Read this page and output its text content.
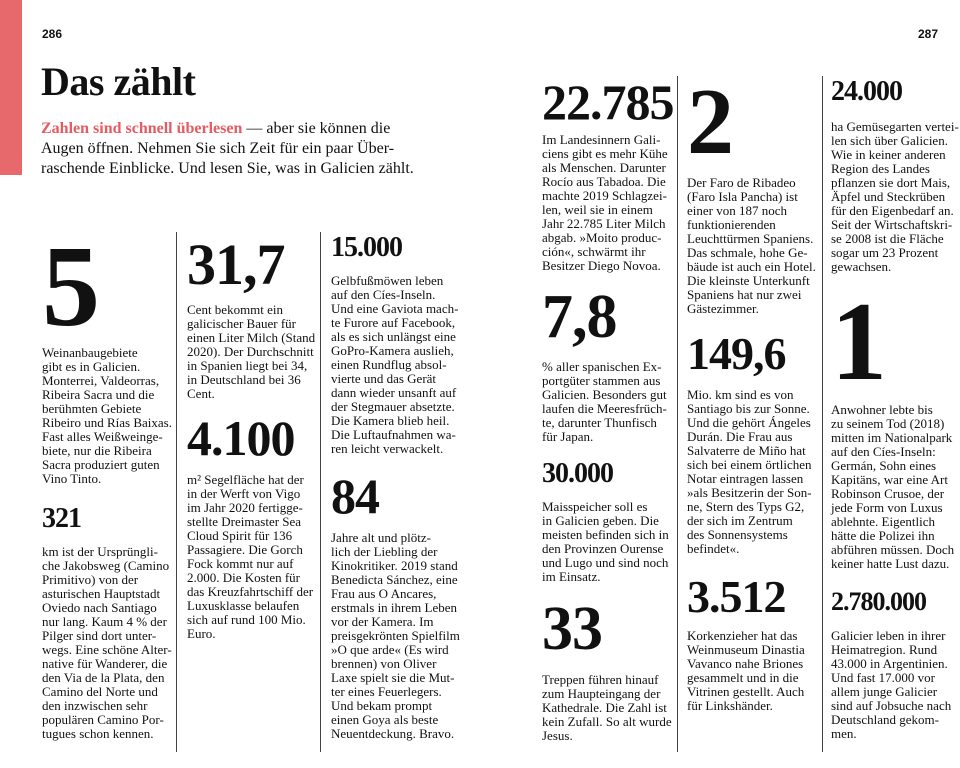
286	287
Das zählt
Zahlen sind schnell überlesen — aber sie können die
Augen öffnen. Nehmen Sie sich Zeit für ein paar Über-
raschende Einblicke. Und lesen Sie, was in Galicien zählt.
5
Weinanbaugebiete
gibt es in Galicien.
Monterrei, Valdeorras,
Ribeira Sacra und die
berühmten Gebiete
Ribeiro und Rías Baixas.
Fast alles Weißweinge-
biete, nur die Ribeira
Sacra produziert guten
Vino Tinto.
321
km ist der Ursprüngli-
che Jakobsweg (Camino
Primitivo) von der
asturischen Hauptstadt
Oviedo nach Santiago
nur lang. Kaum 4 % der
Pilger sind dort unter-
wegs. Eine schöne Alter-
native für Wanderer, die
den Via de la Plata, den
Camino del Norte und
den inzwischen sehr
populären Camino Por-
tugues schon kennen.
31,7
Cent bekommt ein
galicischer Bauer für
einen Liter Milch (Stand
2020). Der Durchschnitt
in Spanien liegt bei 34,
in Deutschland bei 36
Cent.
4.100
m² Segelfläche hat der
in der Werft von Vigo
im Jahr 2020 fertigge-
stellte Dreimaster Sea
Cloud Spirit für 136
Passagiere. Die Gorch
Fock kommt nur auf
2.000. Die Kosten für
das Kreuzfahrtschiff der
Luxusklasse belaufen
sich auf rund 100 Mio.
Euro.
15.000
Gelbfußmöwen leben
auf den Cíes-Inseln.
Und eine Gaviota mach-
te Furore auf Facebook,
als es sich unlängst eine
GoPro-Kamera auslieh,
einen Rundflug absol-
vierte und das Gerät
dann wieder unsanft auf
der Stegmauer absetzte.
Die Kamera blieb heil.
Die Luftaufnahmen wa-
ren leicht verwackelt.
84
Jahre alt und plötz-
lich der Liebling der
Kinokritiker. 2019 stand
Benedicta Sánchez, eine
Frau aus O Ancares,
erstmals in ihrem Leben
vor der Kamera. Im
preisgekrönten Spielfilm
»O que arde« (Es wird
brennen) von Oliver
Laxe spielt sie die Mut-
ter eines Feuerlegers.
Und bekam prompt
einen Goya als beste
Neuentdeckung. Bravo.
22.785
Im Landesinnern Gali-
ciens gibt es mehr Kühe
als Menschen. Darunter
Rocío aus Tabadoa. Die
machte 2019 Schlagzei-
len, weil sie in einem
Jahr 22.785 Liter Milch
abgab. »Moito produc-
ción«, schwärmt ihr
Besitzer Diego Novoa.
7,8
% aller spanischen Ex-
portgüter stammen aus
Galicien. Besonders gut
laufen die Meeresfrüch-
te, darunter Thunfisch
für Japan.
30.000
Maisspeicher soll es
in Galicien geben. Die
meisten befinden sich in
den Provinzen Ourense
und Lugo und sind noch
im Einsatz.
33
Treppen führen hinauf
zum Haupteingang der
Kathedrale. Die Zahl ist
kein Zufall. So alt wurde
Jesus.
2
Der Faro de Ribadeo
(Faro Isla Pancha) ist
einer von 187 noch
funktionierenden
Leuchttürmen Spaniens.
Das schmale, hohe Ge-
bäude ist auch ein Hotel.
Die kleinste Unterkunft
Spaniens hat nur zwei
Gästezimmer.
149,6
Mio. km sind es von
Santiago bis zur Sonne.
Und die gehört Ángeles
Durán. Die Frau aus
Salvaterre de Miño hat
sich bei einem örtlichen
Notar eintragen lassen
»als Besitzerin der Son-
ne, Stern des Typs G2,
der sich im Zentrum
des Sonnensystems
befindet«.
3.512
Korkenzieher hat das
Weinmuseum Dinastia
Vavanco nahe Briones
gesammelt und in die
Vitrinen gestellt. Auch
für Linkshänder.
24.000
ha Gemüsegarten vertei-
len sich über Galicien.
Wie in keiner anderen
Region des Landes
pflanzen sie dort Mais,
Äpfel und Steckrüben
für den Eigenbedarf an.
Seit der Wirtschaftskri-
se 2008 ist die Fläche
sogar um 23 Prozent
gewachsen.
1
Anwohner lebte bis
zu seinem Tod (2018)
mitten im Nationalpark
auf den Cíes-Inseln:
Germán, Sohn eines
Kapitäns, war eine Art
Robinson Crusoe, der
jede Form von Luxus
ablehnte. Eigentlich
hätte die Polizei ihn
abführen müssen. Doch
keiner hatte Lust dazu.
2.780.000
Galicier leben in ihrer
Heimatregion. Rund
43.000 in Argentinien.
Und fast 17.000 vor
allem junge Galicier
sind auf Jobsuche nach
Deutschland gekom-
men.
